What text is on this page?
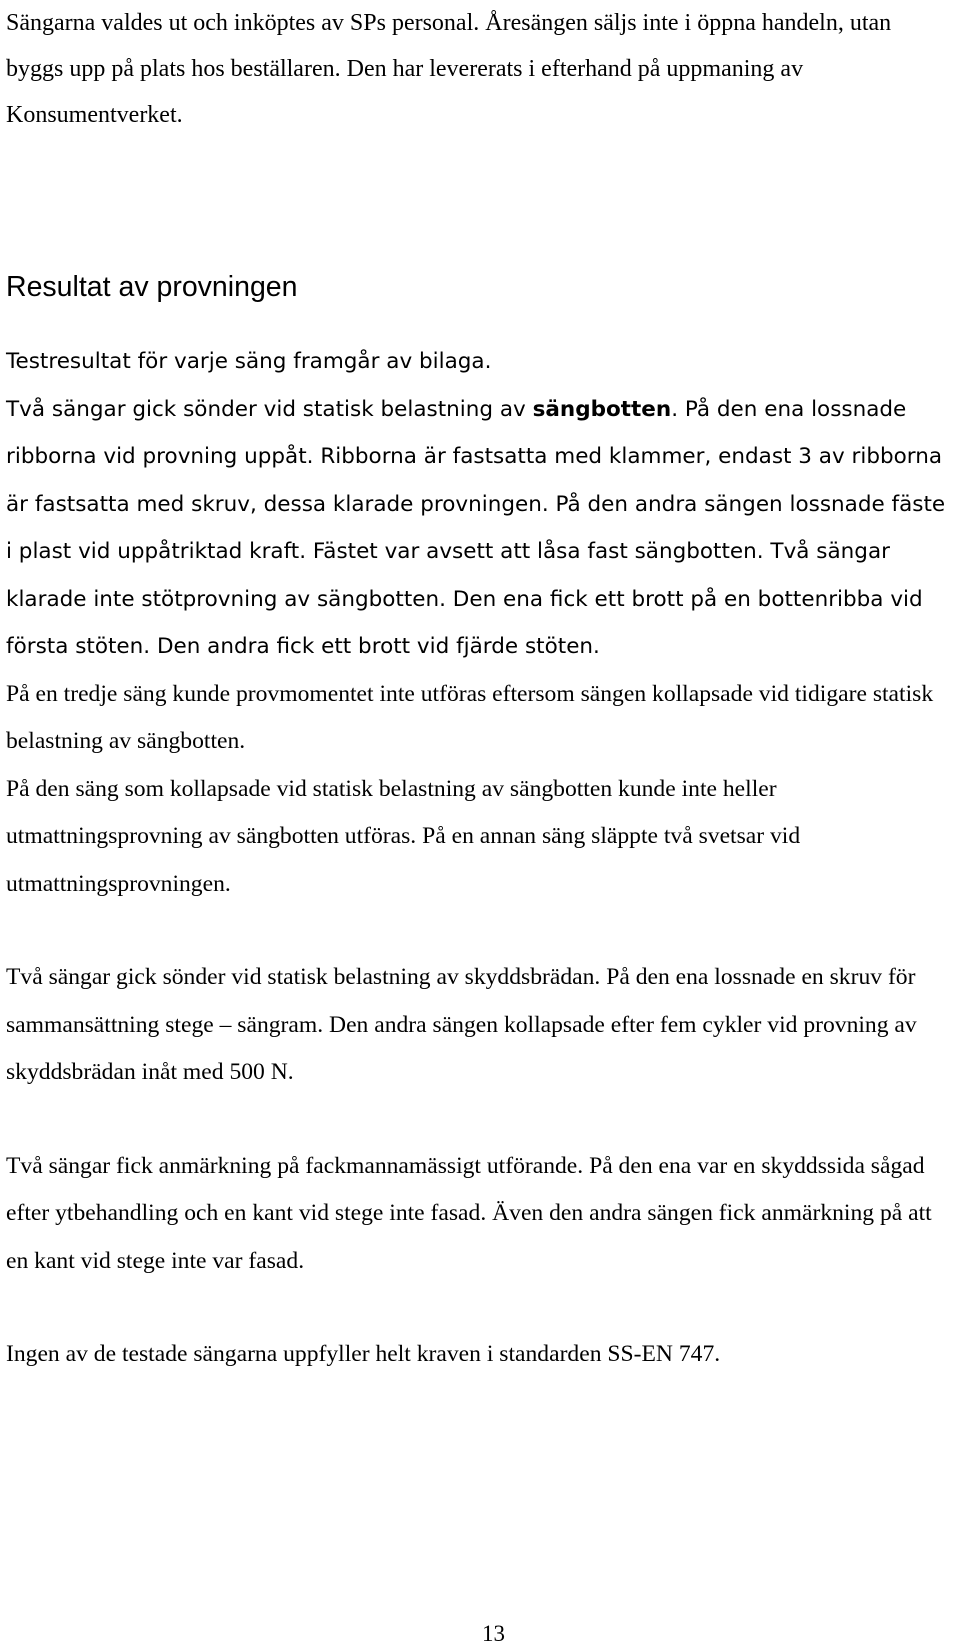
Sängarna valdes ut och inköptes av SPs personal. Åresängen säljs inte i öppna handeln, utan byggs upp på plats hos beställaren. Den har levererats i efterhand på uppmaning av Konsumentverket.

Resultat av provningen

Testresultat för varje säng framgår av bilaga.

Två sängar gick sönder vid statisk belastning av sängbotten. På den ena lossnade ribborna vid provning uppåt. Ribborna är fastsatta med klammer, endast 3 av ribborna är fastsatta med skruv, dessa klarade provningen. På den andra sängen lossnade fäste i plast vid uppåtriktad kraft. Fästet var avsett att låsa fast sängbotten. Två sängar klarade inte stötprovning av sängbotten. Den ena fick ett brott på en bottenribba vid första stöten. Den andra fick ett brott vid fjärde stöten.

På en tredje säng kunde provmomentet inte utföras eftersom sängen kollapsade vid tidigare statisk belastning av sängbotten.

På den säng som kollapsade vid statisk belastning av sängbotten kunde inte heller utmattningsprovning av sängbotten utföras. På en annan säng släppte två svetsar vid utmattningsprovningen.

Två sängar gick sönder vid statisk belastning av skyddsbrädan. På den ena lossnade en skruv för sammansättning stege – sängram. Den andra sängen kollapsade efter fem cykler vid provning av skyddsbrädan inåt med 500 N.

Två sängar fick anmärkning på fackmannamässigt utförande. På den ena var en skyddssida sågad efter ytbehandling och en kant vid stege inte fasad. Även den andra sängen fick anmärkning på att en kant vid stege inte var fasad.

Ingen av de testade sängarna uppfyller helt kraven i standarden SS-EN 747.

13
